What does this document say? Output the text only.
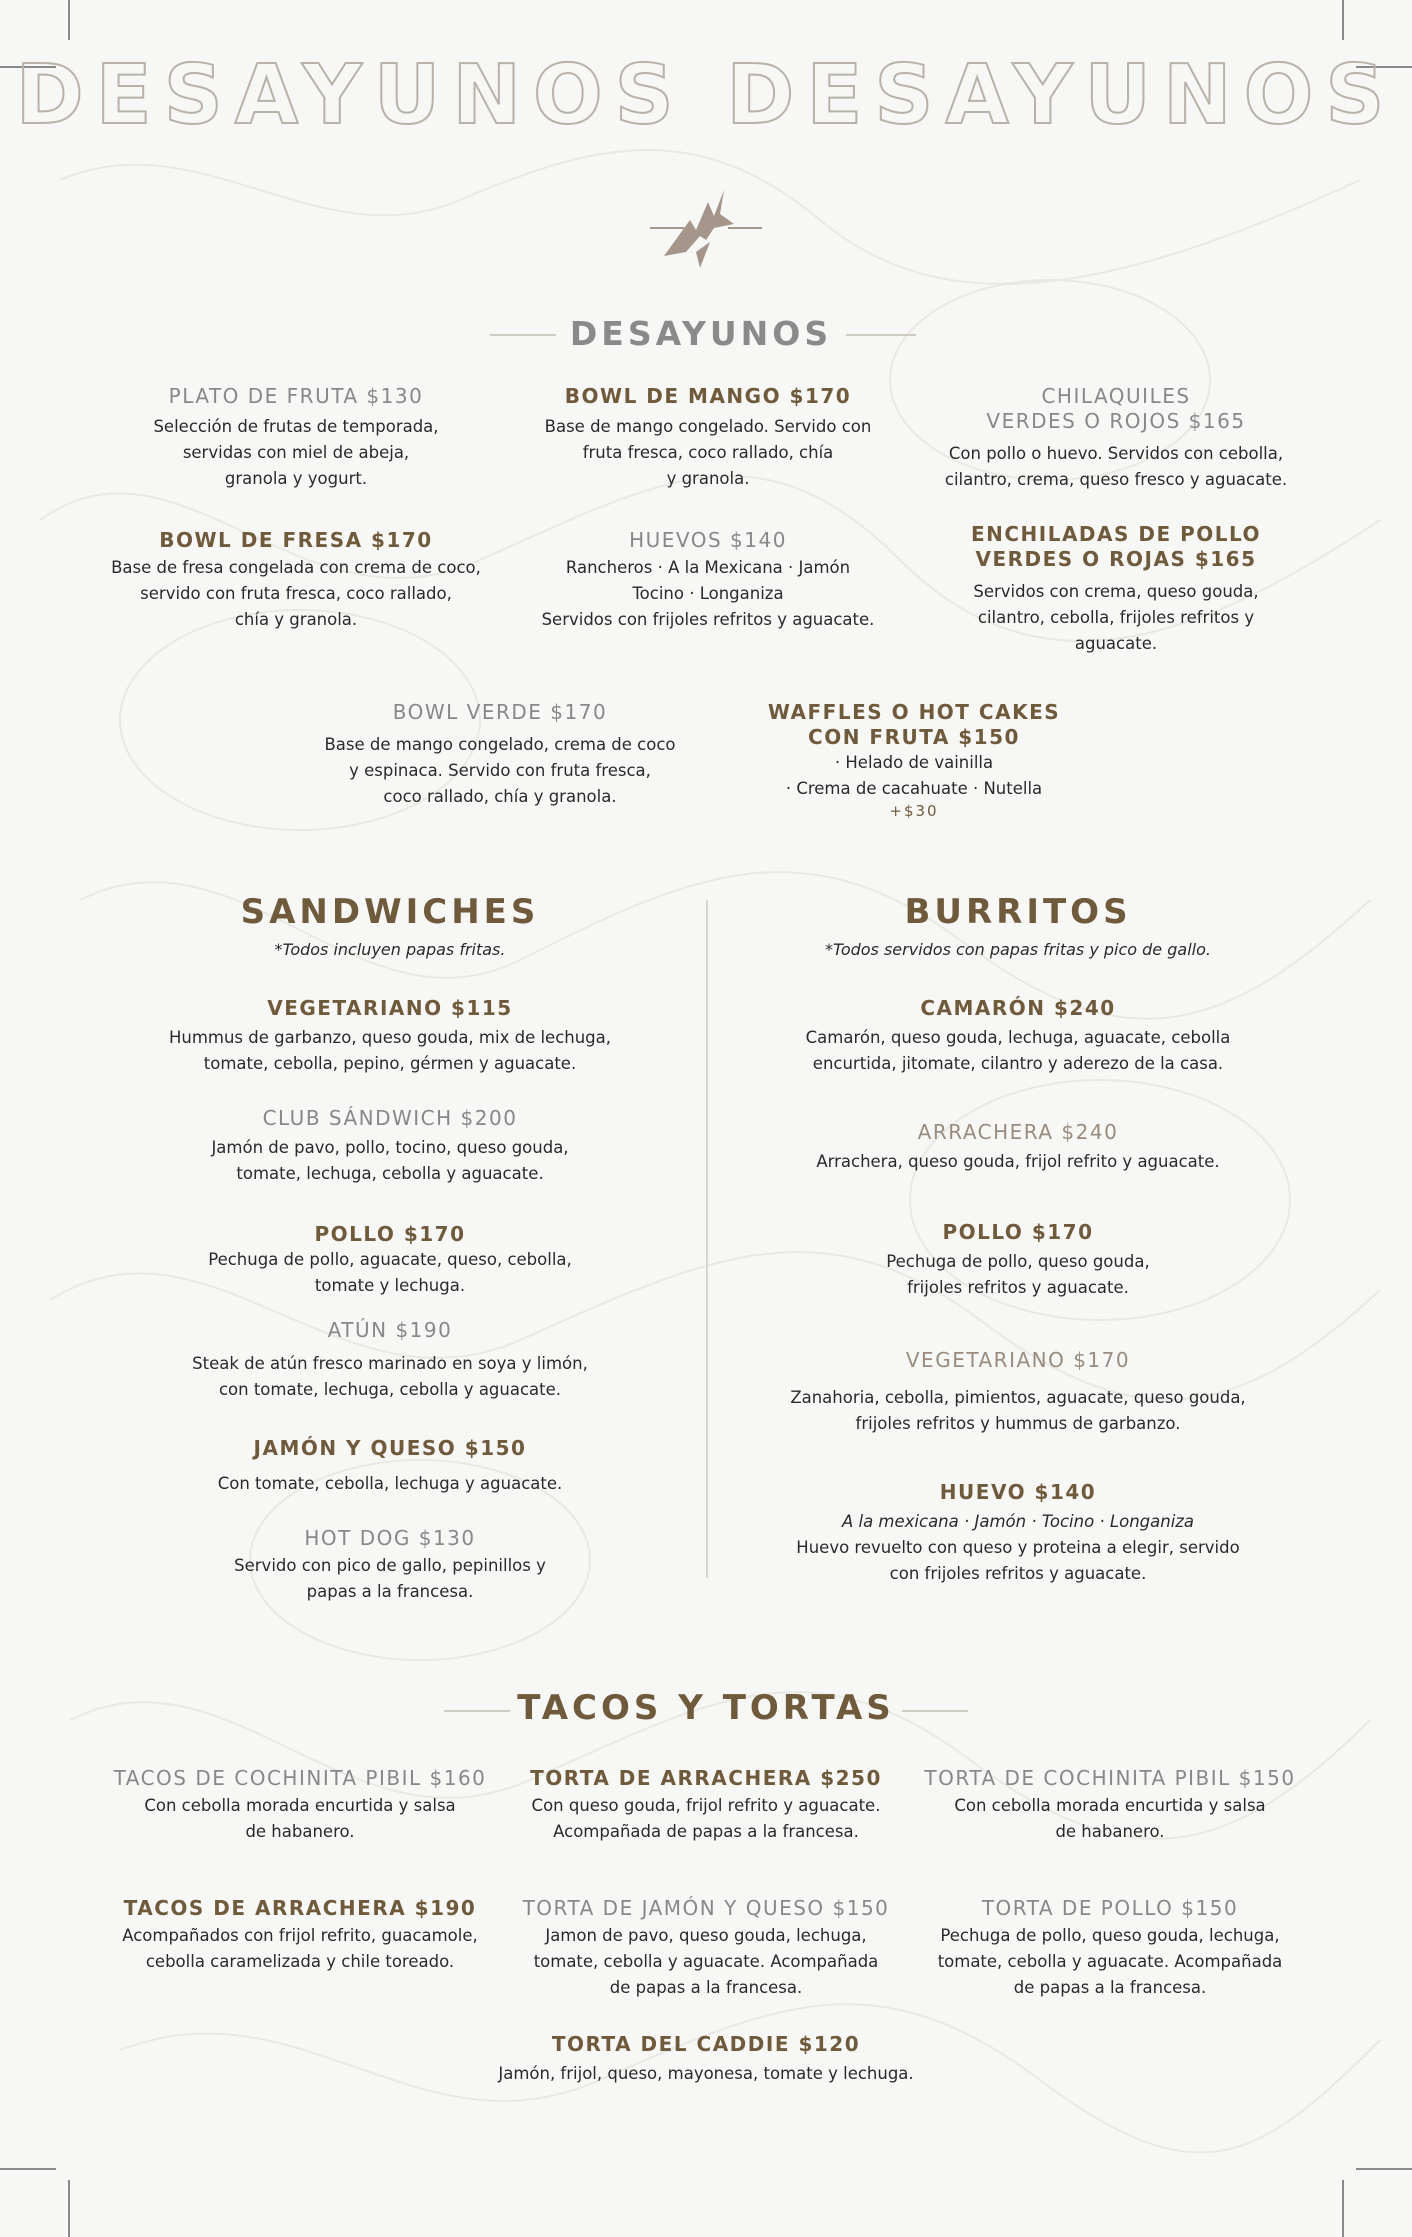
DESAYUNOS DESAYUNOS
DESAYUNOS
PLATO DE FRUTA $130
Selección de frutas de temporada,
servidas con miel de abeja,
granola y yogurt.
BOWL DE MANGO $170
Base de mango congelado. Servido con
fruta fresca, coco rallado, chía
y granola.
CHILAQUILES
VERDES O ROJOS $165
Con pollo o huevo. Servidos con cebolla,
cilantro, crema, queso fresco y aguacate.
BOWL DE FRESA $170
Base de fresa congelada con crema de coco,
servido con fruta fresca, coco rallado,
chía y granola.
HUEVOS $140
Rancheros · A la Mexicana · Jamón
Tocino · Longaniza
Servidos con frijoles refritos y aguacate.
ENCHILADAS DE POLLO
VERDES O ROJAS $165
Servidos con crema, queso gouda,
cilantro, cebolla, frijoles refritos y
aguacate.
BOWL VERDE $170
Base de mango congelado, crema de coco
y espinaca. Servido con fruta fresca,
coco rallado, chía y granola.
WAFFLES O HOT CAKES
CON FRUTA $150
· Helado de vainilla
· Crema de cacahuate · Nutella
+$30
SANDWICHES
*Todos incluyen papas fritas.
BURRITOS
*Todos servidos con papas fritas y pico de gallo.
VEGETARIANO $115
Hummus de garbanzo, queso gouda, mix de lechuga,
tomate, cebolla, pepino, gérmen y aguacate.
CLUB SÁNDWICH $200
Jamón de pavo, pollo, tocino, queso gouda,
tomate, lechuga, cebolla y aguacate.
POLLO $170
Pechuga de pollo, aguacate, queso, cebolla,
tomate y lechuga.
ATÚN $190
Steak de atún fresco marinado en soya y limón,
con tomate, lechuga, cebolla y aguacate.
JAMÓN Y QUESO $150
Con tomate, cebolla, lechuga y aguacate.
HOT DOG $130
Servido con pico de gallo, pepinillos y
papas a la francesa.
CAMARÓN $240
Camarón, queso gouda, lechuga, aguacate, cebolla
encurtida, jitomate, cilantro y aderezo de la casa.
ARRACHERA $240
Arrachera, queso gouda, frijol refrito y aguacate.
POLLO $170
Pechuga de pollo, queso gouda,
frijoles refritos y aguacate.
VEGETARIANO $170
Zanahoria, cebolla, pimientos, aguacate, queso gouda,
frijoles refritos y hummus de garbanzo.
HUEVO $140
A la mexicana · Jamón · Tocino · Longaniza
Huevo revuelto con queso y proteina a elegir, servido
con frijoles refritos y aguacate.
TACOS Y TORTAS
TACOS DE COCHINITA PIBIL $160
Con cebolla morada encurtida y salsa
de habanero.
TORTA DE ARRACHERA $250
Con queso gouda, frijol refrito y aguacate.
Acompañada de papas a la francesa.
TORTA DE COCHINITA PIBIL $150
Con cebolla morada encurtida y salsa
de habanero.
TACOS DE ARRACHERA $190
Acompañados con frijol refrito, guacamole,
cebolla caramelizada y chile toreado.
TORTA DE JAMÓN Y QUESO $150
Jamon de pavo, queso gouda, lechuga,
tomate, cebolla y aguacate. Acompañada
de papas a la francesa.
TORTA DE POLLO $150
Pechuga de pollo, queso gouda, lechuga,
tomate, cebolla y aguacate. Acompañada
de papas a la francesa.
TORTA DEL CADDIE $120
Jamón, frijol, queso, mayonesa, tomate y lechuga.
